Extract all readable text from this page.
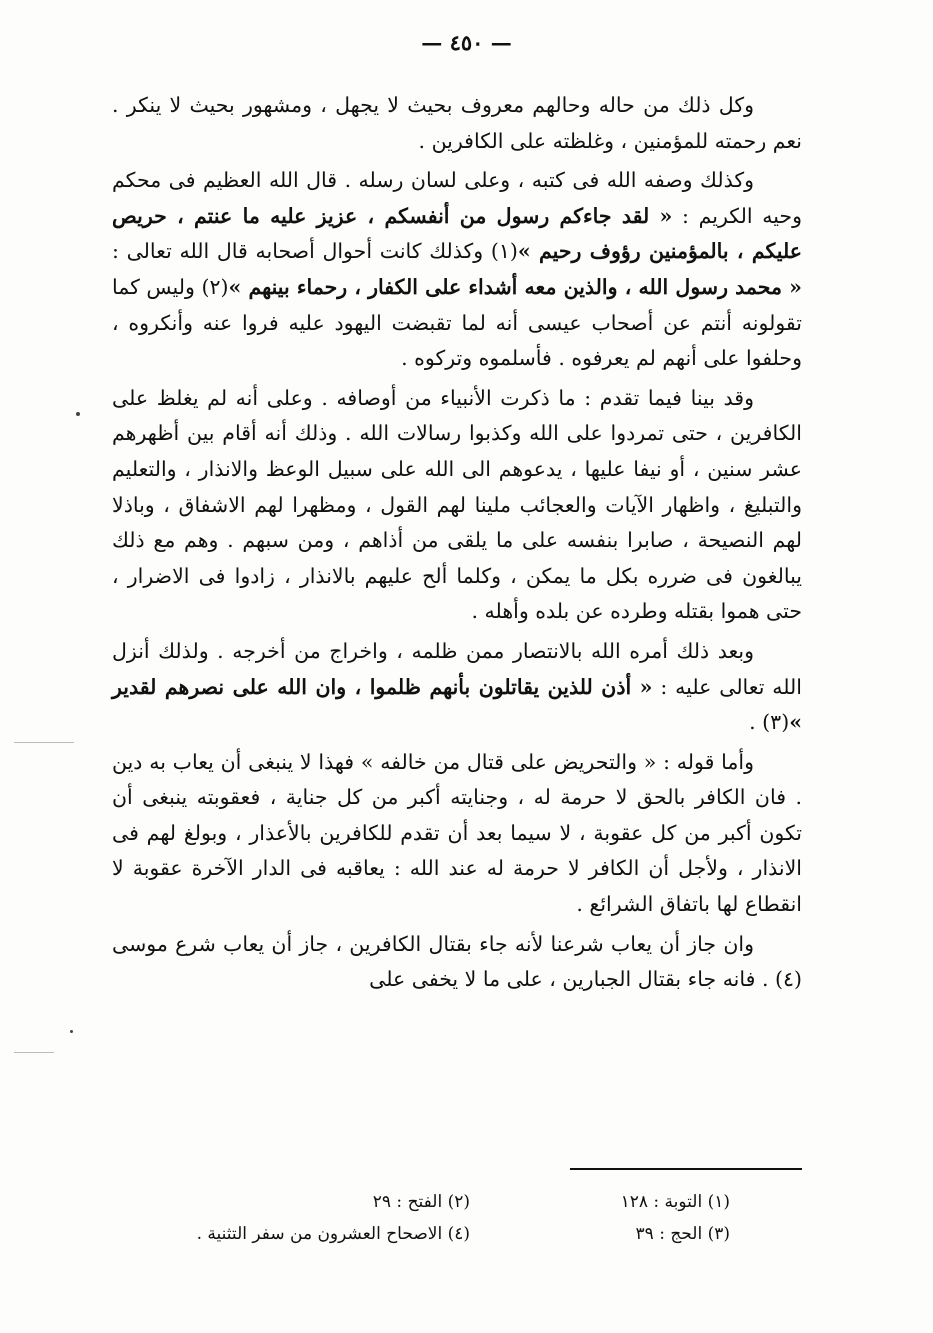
— ٤٥٠ —

وكل ذلك من حاله وحالهم معروف بحيث لا يجهل ، ومشهور بحيث لا ينكر . نعم رحمته للمؤمنين ، وغلظته على الكافرين .

وكذلك وصفه الله فى كتبه ، وعلى لسان رسله . قال الله العظيم فى محكم وحيه الكريم : « لقد جاءكم رسول من أنفسكم ، عزيز عليه ما عنتم ، حريص عليكم ، بالمؤمنين رؤوف رحيم »(١) وكذلك كانت أحوال أصحابه قال الله تعالى : « محمد رسول الله ، والذين معه أشداء على الكفار ، رحماء بينهم »(٢) وليس كما تقولونه أنتم عن أصحاب عيسى أنه لما تقبضت اليهود عليه فروا عنه وأنكروه ، وحلفوا على أنهم لم يعرفوه . فأسلموه وتركوه .

وقد بينا فيما تقدم : ما ذكرت الأنبياء من أوصافه . وعلى أنه لم يغلظ على الكافرين ، حتى تمردوا على الله وكذبوا رسالات الله . وذلك أنه أقام بين أظهرهم عشر سنين ، أو نيفا عليها ، يدعوهم الى الله على سبيل الوعظ والانذار ، والتعليم والتبليغ ، واظهار الآيات والعجائب ملينا لهم القول ، ومظهرا لهم الاشفاق ، وباذلا لهم النصيحة ، صابرا بنفسه على ما يلقى من أذاهم ، ومن سبهم . وهم مع ذلك يبالغون فى ضرره بكل ما يمكن ، وكلما ألح عليهم بالانذار ، زادوا فى الاضرار ، حتى هموا بقتله وطرده عن بلده وأهله .

وبعد ذلك أمره الله بالانتصار ممن ظلمه ، واخراج من أخرجه . ولذلك أنزل الله تعالى عليه : « أذن للذين يقاتلون بأنهم ظلموا ، وان الله على نصرهم لقدير »(٣) .

وأما قوله : « والتحريض على قتال من خالفه » فهذا لا ينبغى أن يعاب به دين . فان الكافر بالحق لا حرمة له ، وجنايته أكبر من كل جناية ، فعقوبته ينبغى أن تكون أكبر من كل عقوبة ، لا سيما بعد أن تقدم للكافرين بالأعذار ، وبولغ لهم فى الانذار ، ولأجل أن الكافر لا حرمة له عند الله : يعاقبه فى الدار الآخرة عقوبة لا انقطاع لها باتفاق الشرائع .

وان جاز أن يعاب شرعنا لأنه جاء بقتال الكافرين ، جاز أن يعاب شرع موسى (٤) . فانه جاء بقتال الجبارين ، على ما لا يخفى على

(١) التوبة : ١٢٨
(٢) الفتح : ٢٩
(٣) الحج : ٣٩
(٤) الاصحاح العشرون من سفر التثنية .
